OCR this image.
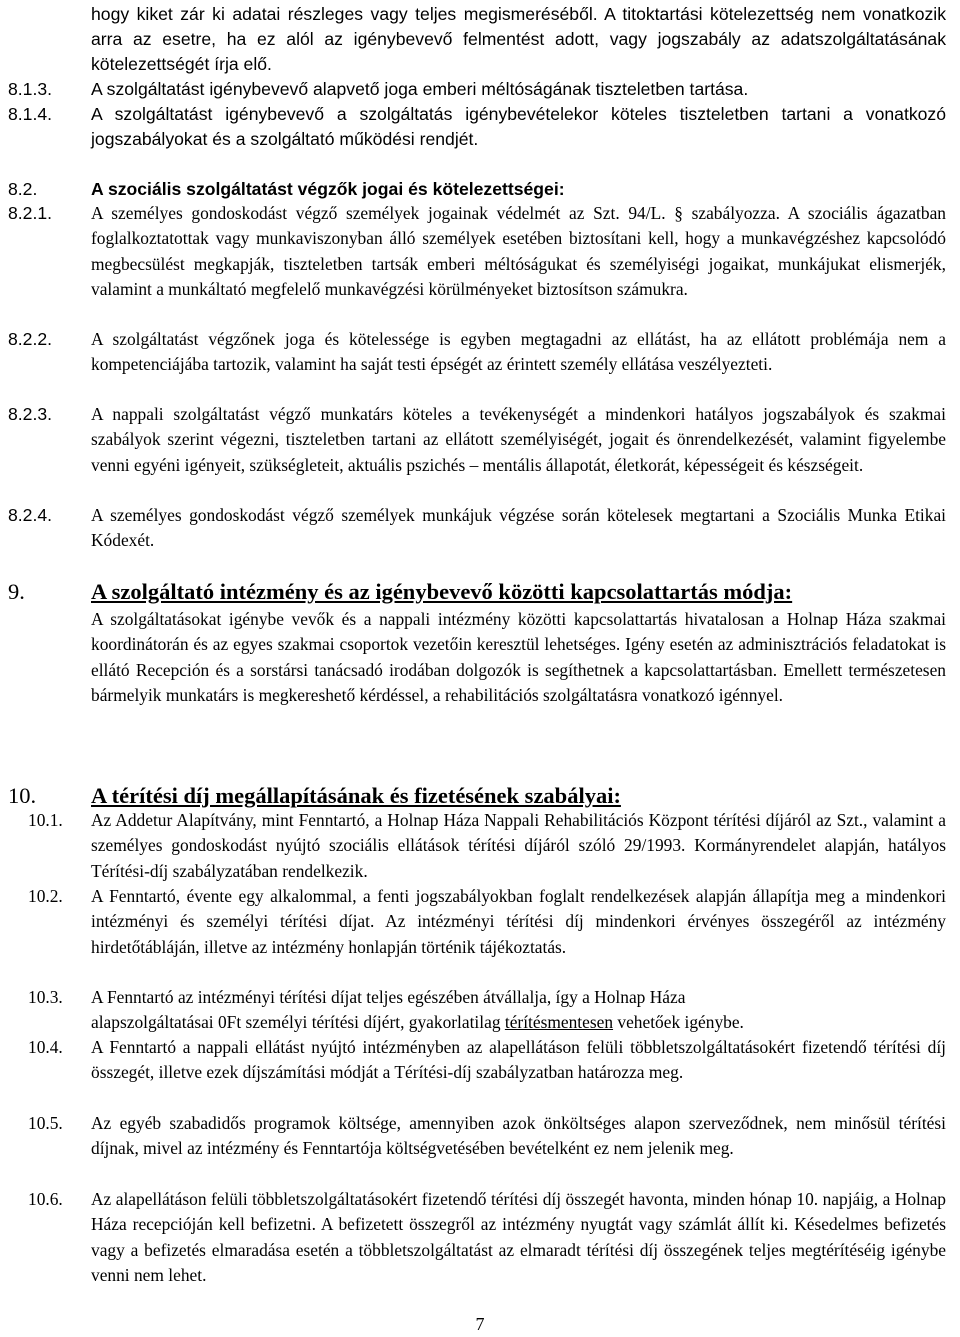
hogy kiket zár ki adatai részleges vagy teljes megismeréséből. A titoktartási kötelezettség nem vonatkozik arra az esetre, ha ez alól az igénybevevő felmentést adott, vagy jogszabály az adatszolgáltatásának kötelezettségét írja elő.
8.1.3.	A szolgáltatást igénybevevő alapvető joga emberi méltóságának tiszteletben tartása.
8.1.4.	A szolgáltatást igénybevevő a szolgáltatás igénybevételekor köteles tiszteletben tartani a vonatkozó jogszabályokat és a szolgáltató működési rendjét.
8.2.	A szociális szolgáltatást végzők jogai és kötelezettségei:
8.2.1.	A személyes gondoskodást végző személyek jogainak védelmét az Szt. 94/L. § szabályozza. A szociális ágazatban foglalkoztatottak vagy munkaviszonyban álló személyek esetében biztosítani kell, hogy a munkavégzéshez kapcsolódó megbecsülést megkapják, tiszteletben tartsák emberi méltóságukat és személyiségi jogaikat, munkájukat elismerjék, valamint a munkáltató megfelelő munkavégzési körülményeket biztosítson számukra.
8.2.2.	A szolgáltatást végzőnek joga és kötelessége is egyben megtagadni az ellátást, ha az ellátott problémája nem a kompetenciájába tartozik, valamint ha saját testi épségét az érintett személy ellátása veszélyezteti.
8.2.3.	A nappali szolgáltatást végző munkatárs köteles a tevékenységét a mindenkori hatályos jogszabályok és szakmai szabályok szerint végezni, tiszteletben tartani az ellátott személyiségét, jogait és önrendelkezését, valamint figyelembe venni egyéni igényeit, szükségleteit, aktuális pszichés – mentális állapotát, életkorát, képességeit és készségeit.
8.2.4.	A személyes gondoskodást végző személyek munkájuk végzése során kötelesek megtartani a Szociális Munka Etikai Kódexét.
9.	A szolgáltató intézmény és az igénybevevő közötti kapcsolattartás módja:
A szolgáltatásokat igénybe vevők és a nappali intézmény közötti kapcsolattartás hivatalosan a Holnap Háza szakmai koordinátorán és az egyes szakmai csoportok vezetőin keresztül lehetséges. Igény esetén az adminisztrációs feladatokat is ellátó Recepción és a sorstársi tanácsadó irodában dolgozók is segíthetnek a kapcsolattartásban. Emellett természetesen bármelyik munkatárs is megkereshető kérdéssel, a rehabilitációs szolgáltatásra vonatkozó igénnyel.
10.	A térítési díj megállapításának és fizetésének szabályai:
10.1.	Az Addetur Alapítvány, mint Fenntartó, a Holnap Háza Nappali Rehabilitációs Központ térítési díjáról az Szt., valamint a személyes gondoskodást nyújtó szociális ellátások térítési díjáról szóló 29/1993. Kormányrendelet alapján, hatályos Térítési-díj szabályzatában rendelkezik.
10.2.	A Fenntartó, évente egy alkalommal, a fenti jogszabályokban foglalt rendelkezések alapján állapítja meg a mindenkori intézményi és személyi térítési díjat. Az intézményi térítési díj mindenkori érvényes összegéről az intézmény hirdetőtábláján, illetve az intézmény honlapján történik tájékoztatás.
10.3.	A Fenntartó az intézményi térítési díjat teljes egészében átvállalja, így a Holnap Háza
alapszolgáltatásai 0Ft személyi térítési díjért, gyakorlatilag térítésmentesen vehetőek igénybe.
10.4.	A Fenntartó a nappali ellátást nyújtó intézményben az alapellátáson felüli többletszolgáltatásokért fizetendő térítési díj összegét, illetve ezek díjszámítási módját a Térítési-díj szabályzatban határozza meg.
10.5.	Az egyéb szabadidős programok költsége, amennyiben azok önköltséges alapon szerveződnek, nem minősül térítési díjnak, mivel az intézmény és Fenntartója költségvetésében bevételként ez nem jelenik meg.
10.6.	Az alapellátáson felüli többletszolgáltatásokért fizetendő térítési díj összegét havonta, minden hónap 10. napjáig, a Holnap Háza recepcióján kell befizetni. A befizetett összegről az intézmény nyugtát vagy számlát állít ki. Késedelmes befizetés vagy a befizetés elmaradása esetén a többletszolgáltatást az elmaradt térítési díj összegének teljes megtérítéséig igénybe venni nem lehet.
7
